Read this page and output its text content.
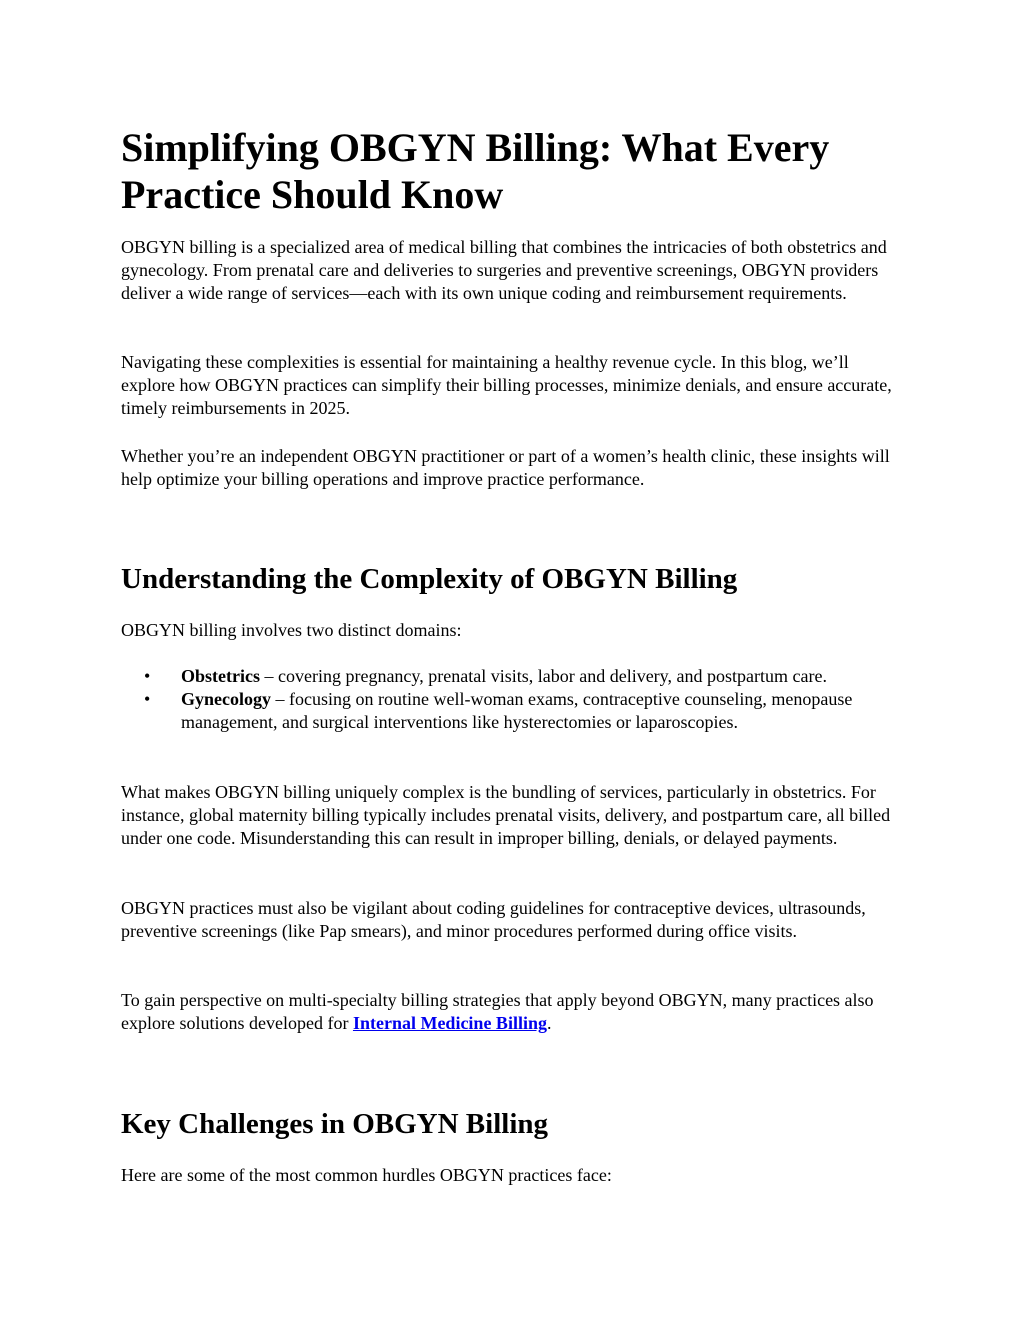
Simplifying OBGYN Billing: What Every Practice Should Know

OBGYN billing is a specialized area of medical billing that combines the intricacies of both obstetrics and gynecology. From prenatal care and deliveries to surgeries and preventive screenings, OBGYN providers deliver a wide range of services—each with its own unique coding and reimbursement requirements.

Navigating these complexities is essential for maintaining a healthy revenue cycle. In this blog, we’ll explore how OBGYN practices can simplify their billing processes, minimize denials, and ensure accurate, timely reimbursements in 2025.

Whether you’re an independent OBGYN practitioner or part of a women’s health clinic, these insights will help optimize your billing operations and improve practice performance.

Understanding the Complexity of OBGYN Billing

OBGYN billing involves two distinct domains:

• Obstetrics – covering pregnancy, prenatal visits, labor and delivery, and postpartum care.
• Gynecology – focusing on routine well-woman exams, contraceptive counseling, menopause management, and surgical interventions like hysterectomies or laparoscopies.

What makes OBGYN billing uniquely complex is the bundling of services, particularly in obstetrics. For instance, global maternity billing typically includes prenatal visits, delivery, and postpartum care, all billed under one code. Misunderstanding this can result in improper billing, denials, or delayed payments.

OBGYN practices must also be vigilant about coding guidelines for contraceptive devices, ultrasounds, preventive screenings (like Pap smears), and minor procedures performed during office visits.

To gain perspective on multi-specialty billing strategies that apply beyond OBGYN, many practices also explore solutions developed for Internal Medicine Billing.

Key Challenges in OBGYN Billing

Here are some of the most common hurdles OBGYN practices face:
